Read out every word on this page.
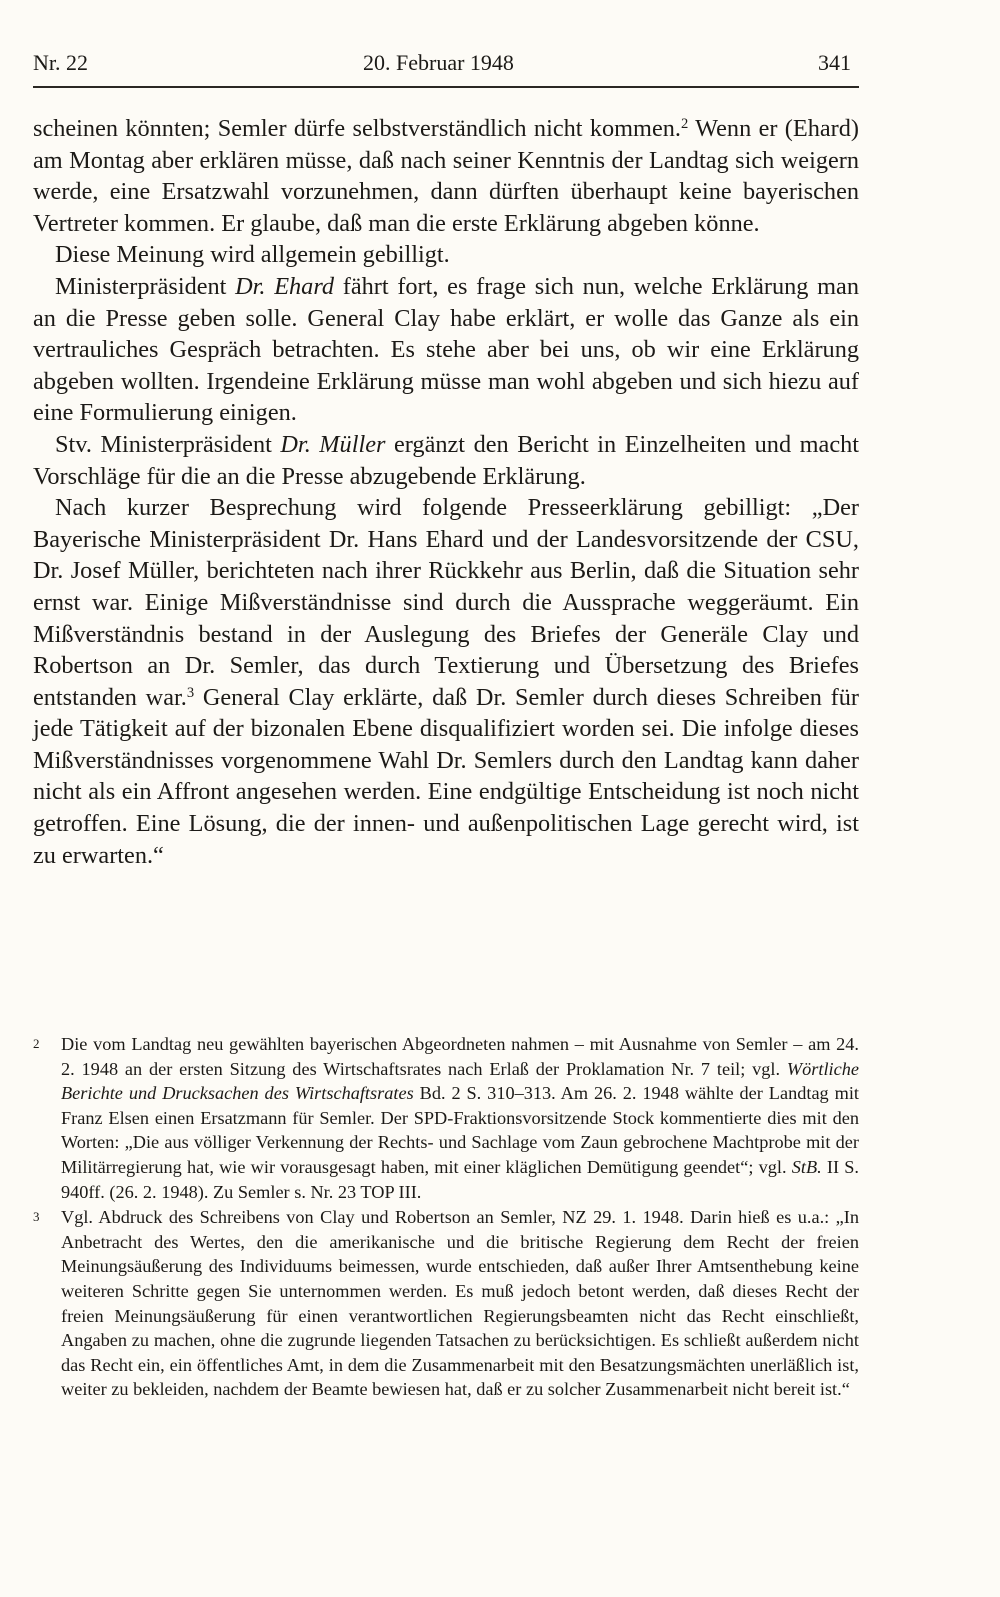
Nr. 22	20. Februar 1948	341

scheinen könnten; Semler dürfe selbstverständlich nicht kommen.$^2$ Wenn er (Ehard) am Montag aber erklären müsse, daß nach seiner Kenntnis der Landtag sich weigern werde, eine Ersatzwahl vorzunehmen, dann dürften überhaupt keine bayerischen Vertreter kommen. Er glaube, daß man die erste Erklärung abgeben könne.

Diese Meinung wird allgemein gebilligt.

Ministerpräsident Dr. Ehard fährt fort, es frage sich nun, welche Erklärung man an die Presse geben solle. General Clay habe erklärt, er wolle das Ganze als ein vertrauliches Gespräch betrachten. Es stehe aber bei uns, ob wir eine Erklärung abgeben wollten. Irgendeine Erklärung müsse man wohl abgeben und sich hiezu auf eine Formulierung einigen.

Stv. Ministerpräsident Dr. Müller ergänzt den Bericht in Einzelheiten und macht Vorschläge für die an die Presse abzugebende Erklärung.

Nach kurzer Besprechung wird folgende Presseerklärung gebilligt: „Der Bayerische Ministerpräsident Dr. Hans Ehard und der Landesvorsitzende der CSU, Dr. Josef Müller, berichteten nach ihrer Rückkehr aus Berlin, daß die Situation sehr ernst war. Einige Mißverständnisse sind durch die Aussprache weggeräumt. Ein Mißverständnis bestand in der Auslegung des Briefes der Generäle Clay und Robertson an Dr. Semler, das durch Textierung und Übersetzung des Briefes entstanden war.$^3$ General Clay erklärte, daß Dr. Semler durch dieses Schreiben für jede Tätigkeit auf der bizonalen Ebene disqualifiziert worden sei. Die infolge dieses Mißverständnisses vorgenommene Wahl Dr. Semlers durch den Landtag kann daher nicht als ein Affront angesehen werden. Eine endgültige Entscheidung ist noch nicht getroffen. Eine Lösung, die der innen- und außenpolitischen Lage gerecht wird, ist zu erwarten.“

2 Die vom Landtag neu gewählten bayerischen Abgeordneten nahmen – mit Ausnahme von Semler – am 24. 2. 1948 an der ersten Sitzung des Wirtschaftsrates nach Erlaß der Proklamation Nr. 7 teil; vgl. Wörtliche Berichte und Drucksachen des Wirtschaftsrates Bd. 2 S. 310–313. Am 26. 2. 1948 wählte der Landtag mit Franz Elsen einen Ersatzmann für Semler. Der SPD-Fraktionsvorsitzende Stock kommentierte dies mit den Worten: „Die aus völliger Verkennung der Rechts- und Sachlage vom Zaun gebrochene Machtprobe mit der Militärregierung hat, wie wir vorausgesagt haben, mit einer kläglichen Demütigung geendet“; vgl. StB. II S. 940ff. (26. 2. 1948). Zu Semler s. Nr. 23 TOP III.
3 Vgl. Abdruck des Schreibens von Clay und Robertson an Semler, NZ 29. 1. 1948. Darin hieß es u.a.: „In Anbetracht des Wertes, den die amerikanische und die britische Regierung dem Recht der freien Meinungsäußerung des Individuums beimessen, wurde entschieden, daß außer Ihrer Amtsenthebung keine weiteren Schritte gegen Sie unternommen werden. Es muß jedoch betont werden, daß dieses Recht der freien Meinungsäußerung für einen verantwortlichen Regierungsbeamten nicht das Recht einschließt, Angaben zu machen, ohne die zugrunde liegenden Tatsachen zu berücksichtigen. Es schließt außerdem nicht das Recht ein, ein öffentliches Amt, in dem die Zusammenarbeit mit den Besatzungsmächten unerläßlich ist, weiter zu bekleiden, nachdem der Beamte bewiesen hat, daß er zu solcher Zusammenarbeit nicht bereit ist.“
